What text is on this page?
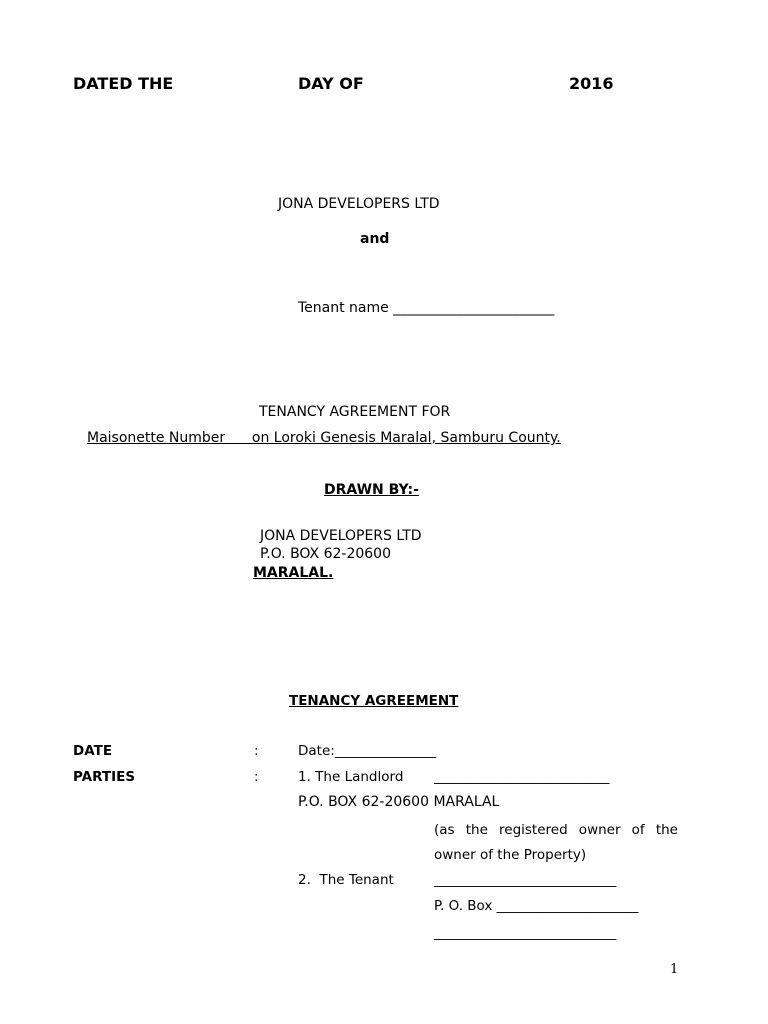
DATED THE	DAY OF	2016
JONA DEVELOPERS LTD
and
Tenant name _______________________
TENANCY AGREEMENT FOR
Maisonette Number      on Loroki Genesis Maralal, Samburu County.
DRAWN BY:-
JONA DEVELOPERS LTD
P.O. BOX 62-20600
MARALAL.
TENANCY AGREEMENT
DATE	:	Date:_______________
PARTIES	:	1. The Landlord __________________________
P.O. BOX 62-20600 MARALAL
(as the registered owner of the
owner of the Property)
2.  The Tenant	___________________________
P. O. Box _____________________
___________________________
1
